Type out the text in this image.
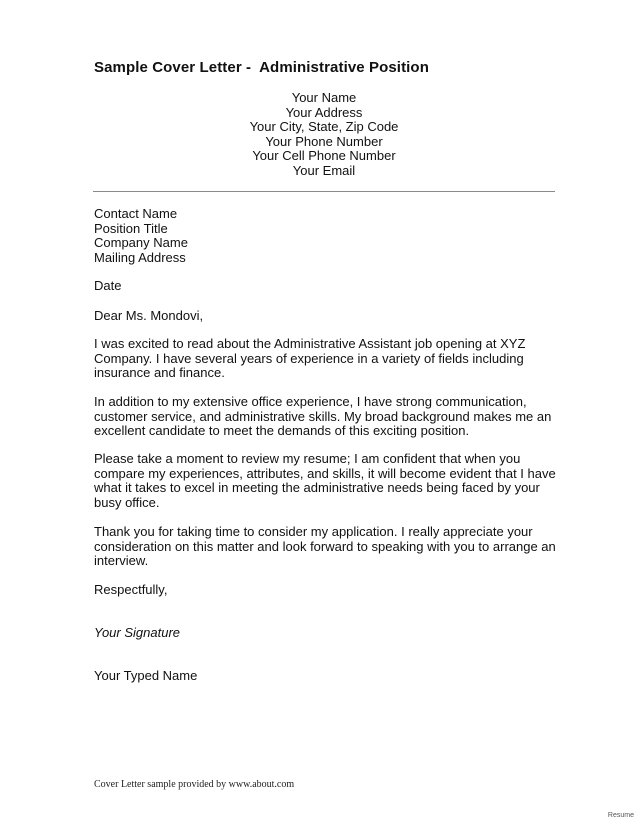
Sample Cover Letter -  Administrative Position
Your Name
Your Address
Your City, State, Zip Code
Your Phone Number
Your Cell Phone Number
Your Email
Contact Name
Position Title
Company Name
Mailing Address
Date
Dear Ms. Mondovi,
I was excited to read about the Administrative Assistant job opening at XYZ
Company. I have several years of experience in a variety of fields including
insurance and finance.
In addition to my extensive office experience, I have strong communication,
customer service, and administrative skills. My broad background makes me an
excellent candidate to meet the demands of this exciting position.
Please take a moment to review my resume; I am confident that when you
compare my experiences, attributes, and skills, it will become evident that I have
what it takes to excel in meeting the administrative needs being faced by your
busy office.
Thank you for taking time to consider my application. I really appreciate your
consideration on this matter and look forward to speaking with you to arrange an
interview.
Respectfully,
Your Signature
Your Typed Name
Cover Letter sample provided by www.about.com
Resume
